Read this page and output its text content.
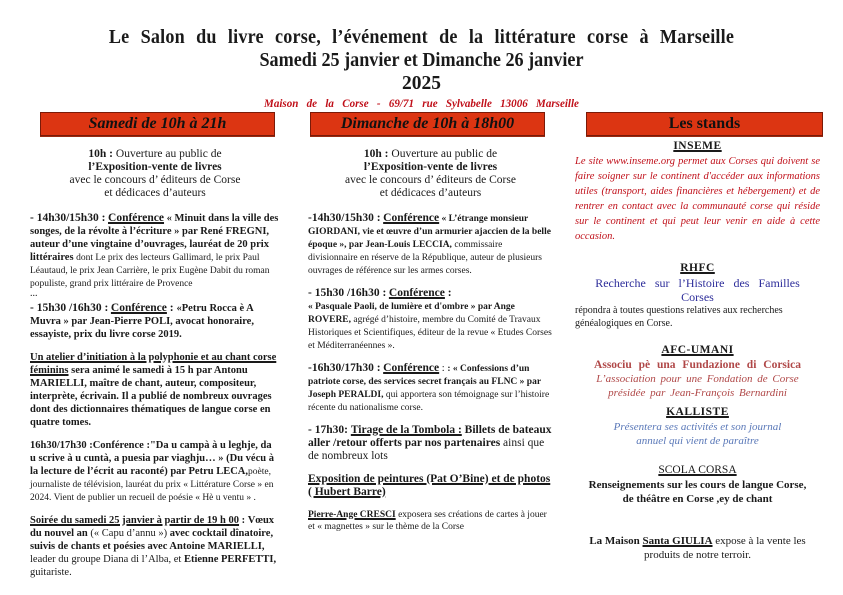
Le Salon du livre corse, l’événement de la littérature corse à Marseille
Samedi 25 janvier et Dimanche 26 janvier
2025
Maison de la Corse - 69/71 rue Sylvabelle 13006 Marseille
Samedi de 10h à 21h	Dimanche de 10h à 18h00	Les stands
10h : Ouverture au public de
l’Exposition-vente de livres
avec le concours d’ éditeurs de Corse
et dédicaces d’auteurs
- 14h30/15h30 : Conférence « Minuit dans la ville des songes, de la révolte à l’écriture » par René FREGNI, auteur d’une vingtaine d’ouvrages, lauréat de 20 prix littéraires dont Le prix des lecteurs Gallimard, le prix Paul Léautaud, le prix Jean Carrière, le prix Eugène Dabit du roman populiste, grand prix littéraire de Provence
...
- 15h30 /16h30 : Conférence : «Petru Rocca è A Muvra » par Jean-Pierre POLI, avocat honoraire, essayiste, prix du livre corse 2019.
Un atelier d’initiation à la polyphonie et au chant corse féminins sera animé le samedi à 15 h par Antonu MARIELLI, maître de chant, auteur, compositeur, interprète, écrivain. Il a publié de nombreux ouvrages dont des dictionnaires thématiques de langue corse en quatre tomes.
16h30/17h30 :Conférence :"Da u campà à u leghje, da u scrive à u cuntà, a puesia par viaghju… » (Du vécu à la lecture de l’écrit au raconté) par Petru LECA,poète, journaliste de télévision, lauréat du prix « Littérature Corse » en 2024. Vient de publier un recueil de poésie « Hè u ventu » .
Soirée du samedi 25 janvier à partir de 19 h 00 : Vœux du nouvel an (« Capu d’annu ») avec cocktail dînatoire, suivis de chants et poésies avec Antoine MARIELLI, leader du groupe Diana di l’Alba, et Etienne PERFETTI, guitariste.
10h : Ouverture au public de
l’Exposition-vente de livres
avec le concours d’ éditeurs de Corse
et dédicaces d’auteurs
-14h30/15h30 : Conférence « L’étrange monsieur GIORDANI, vie et œuvre d’un armurier ajaccien de la belle époque », par Jean-Louis LECCIA, commissaire divisionnaire en réserve de la République, auteur de plusieurs ouvrages de référence sur les armes corses.
- 15h30 /16h30 : Conférence :
« Pasquale Paoli, de lumière et d'ombre » par Ange ROVERE, agrégé d’histoire, membre du Comité de Travaux Historiques et Scientifiques, éditeur de la revue « Etudes Corses et Méditerranéennes ».
-16h30/17h30 : Conférence : : « Confessions d’un patriote corse, des services secret français au FLNC » par Joseph PERALDI, qui apportera son témoignage sur l’histoire récente du nationalisme corse.
- 17h30: Tirage de la Tombola : Billets de bateaux aller /retour offerts par nos partenaires ainsi que de nombreux lots
Exposition de peintures (Pat O’Bine) et de photos ( Hubert Barre)
Pierre-Ange CRESCI exposera ses créations de cartes à jouer et « magnettes » sur le thème de la Corse
INSEME
Le site www.inseme.org permet aux Corses qui doivent se faire soigner sur le continent d'accéder aux informations utiles (transport, aides financières et hébergement) et de rentrer en contact avec la communauté corse qui réside sur le continent et qui peut leur venir en aide à cette occasion.
RHFC
Recherche sur l’Histoire des Familles Corses
répondra à toutes questions relatives aux recherches généalogiques en Corse.
AFC-UMANI
Associu pè una Fundazione di Corsica
L’association pour une Fondation de Corse
présidée par Jean-François Bernardini
KALLISTE
Présentera ses activités et son journal
annuel qui vient de paraître
SCOLA CORSA
Renseignements sur les cours de langue Corse,
de théâtre en Corse ,ey de chant
La Maison Santa GIULIA expose à la vente les produits de notre terroir.
